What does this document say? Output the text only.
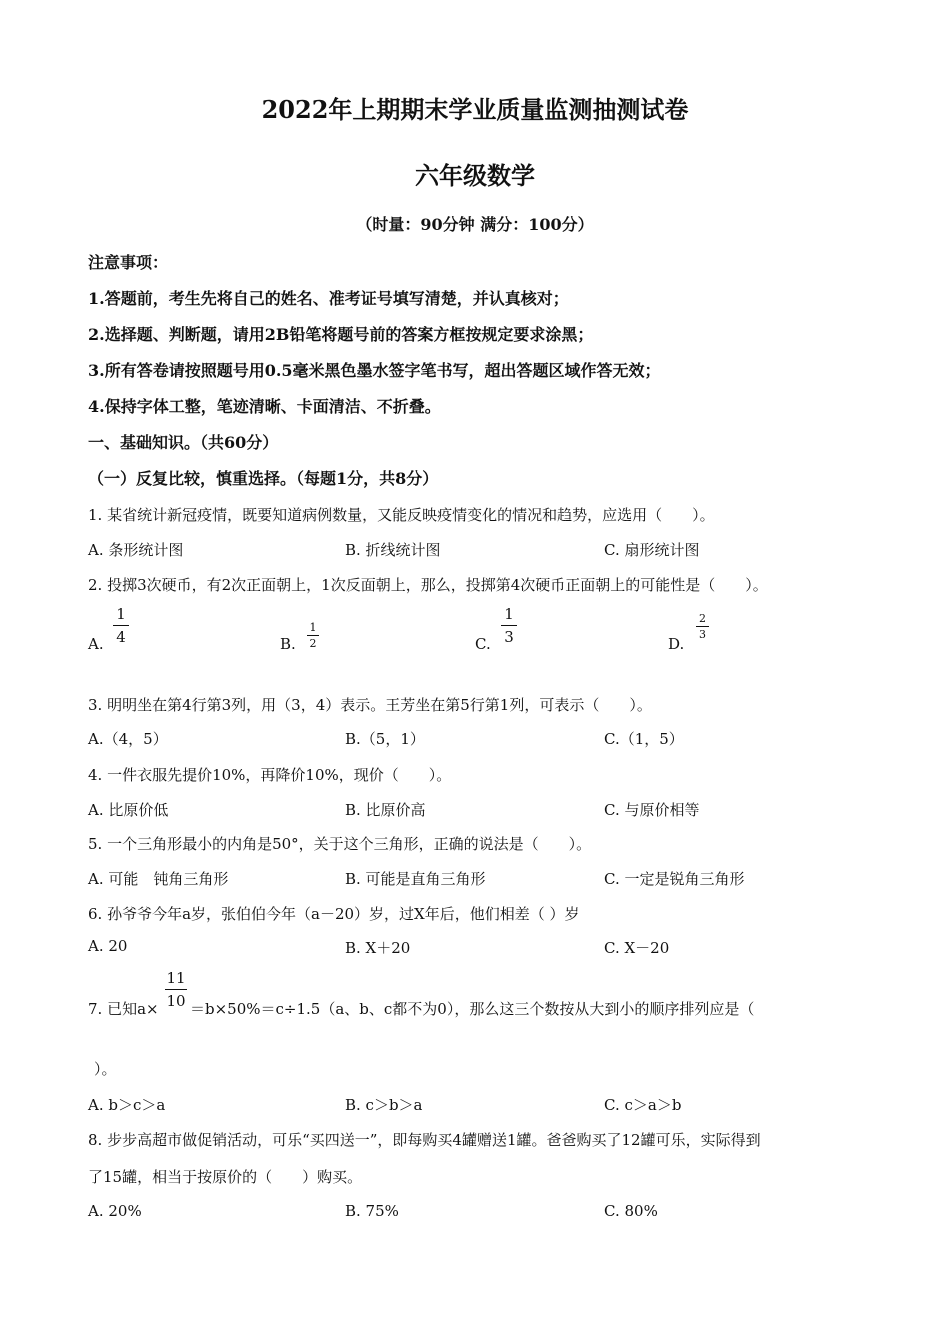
2022年上期期末学业质量监测抽测试卷
六年级数学
（时量：90分钟 满分：100分）
注意事项：
1.答题前，考生先将自己的姓名、准考证号填写清楚，并认真核对；
2.选择题、判断题，请用2B铅笔将题号前的答案方框按规定要求涂黑；
3.所有答卷请按照题号用0.5毫米黑色墨水签字笔书写，超出答题区域作答无效；
4.保持字体工整，笔迹清晰、卡面清洁、不折叠。
一、基础知识。（共60分）
（一）反复比较，慎重选择。（每题1分，共8分）
1. 某省统计新冠疫情，既要知道病例数量，又能反映疫情变化的情况和趋势，应选用（　　）。
A. 条形统计图	B. 折线统计图	C. 扇形统计图
2. 投掷3次硬币，有2次正面朝上，1次反面朝上，那么，投掷第4次硬币正面朝上的可能性是（　　）。
A.
1
4	B.
1
2	C.
1
3	D.
2
3
3. 明明坐在第4行第3列，用（3，4）表示。王芳坐在第5行第1列，可表示（　　）。
A.（4，5）	B.（5，1）	C.（1，5）
4. 一件衣服先提价10%，再降价10%，现价（　　）。
A. 比原价低	B. 比原价高	C. 与原价相等
5. 一个三角形最小的内角是50°，关于这个三角形，正确的说法是（　　）。
A. 可能　钝角三角形	B. 可能是直角三角形	C. 一定是锐角三角形
6. 孙爷爷今年a岁，张伯伯今年（a－20）岁，过X年后，他们相差（ ）岁
A. 20	B. X＋20	C. X－20
7. 已知a×
11
10 ＝b×50%＝c÷1.5（a、b、c都不为0），那么这三个数按从大到小的顺序排列应是（
）。
A. b＞c＞a	B. c＞b＞a	C. c＞a＞b
8. 步步高超市做促销活动，可乐“买四送一”，即每购买4罐赠送1罐。爸爸购买了12罐可乐，实际得到
了15罐，相当于按原价的（　　）购买。
A. 20%	B. 75%	C. 80%
